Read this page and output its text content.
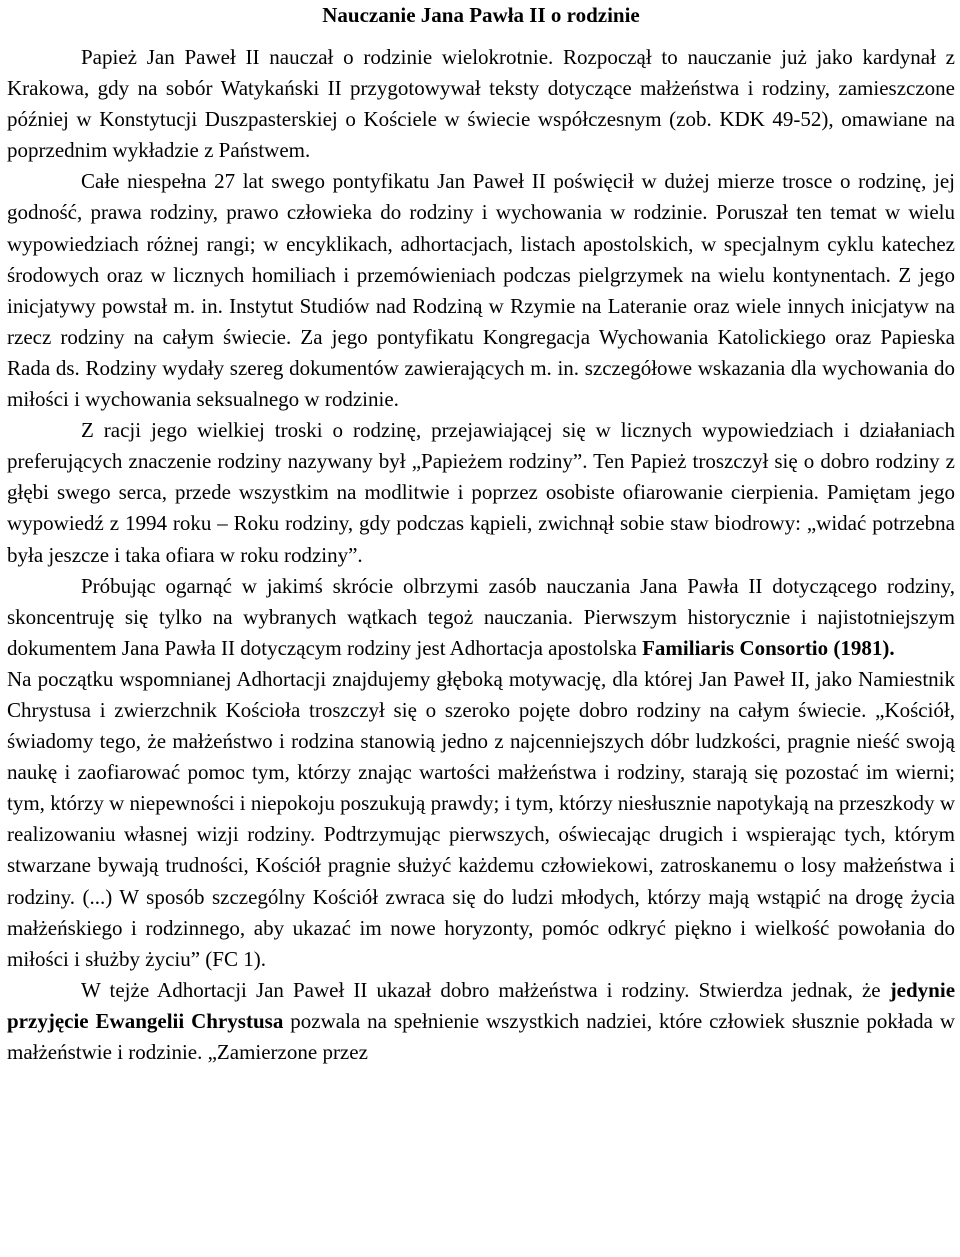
Nauczanie Jana Pawła II o rodzinie

Papież Jan Paweł II nauczał o rodzinie wielokrotnie. Rozpoczął to nauczanie już jako kardynał z Krakowa, gdy na sobór Watykański II przygotowywał teksty dotyczące małżeństwa i rodziny, zamieszczone później w Konstytucji Duszpasterskiej o Kościele w świecie współczesnym (zob. KDK 49-52), omawiane na poprzednim wykładzie z Państwem.

Całe niespełna 27 lat swego pontyfikatu Jan Paweł II poświęcił w dużej mierze trosce o rodzinę, jej godność, prawa rodziny, prawo człowieka do rodziny i wychowania w rodzinie. Poruszał ten temat w wielu wypowiedziach różnej rangi; w encyklikach, adhortacjach, listach apostolskich, w specjalnym cyklu katechez środowych oraz w licznych homiliach i przemówieniach podczas pielgrzymek na wielu kontynentach. Z jego inicjatywy powstał m. in. Instytut Studiów nad Rodziną w Rzymie na Lateranie oraz wiele innych inicjatyw na rzecz rodziny na całym świecie. Za jego pontyfikatu Kongregacja Wychowania Katolickiego oraz Papieska Rada ds. Rodziny wydały szereg dokumentów zawierających m. in. szczegółowe wskazania dla wychowania do miłości i wychowania seksualnego w rodzinie.

Z racji jego wielkiej troski o rodzinę, przejawiającej się w licznych wypowiedziach i działaniach preferujących znaczenie rodziny nazywany był „Papieżem rodziny”. Ten Papież troszczył się o dobro rodziny z głębi swego serca, przede wszystkim na modlitwie i poprzez osobiste ofiarowanie cierpienia. Pamiętam jego wypowiedź z 1994 roku – Roku rodziny, gdy podczas kąpieli, zwichnął sobie staw biodrowy: „widać potrzebna była jeszcze i taka ofiara w roku rodziny”.

Próbując ogarnąć w jakimś skrócie olbrzymi zasób nauczania Jana Pawła II dotyczącego rodziny, skoncentruję się tylko na wybranych wątkach tegoż nauczania. Pierwszym historycznie i najistotniejszym dokumentem Jana Pawła II dotyczącym rodziny jest Adhortacja apostolska Familiaris Consortio (1981).

Na początku wspomnianej Adhortacji znajdujemy głęboką motywację, dla której Jan Paweł II, jako Namiestnik Chrystusa i zwierzchnik Kościoła troszczył się o szeroko pojęte dobro rodziny na całym świecie. „Kościół, świadomy tego, że małżeństwo i rodzina stanowią jedno z najcenniejszych dóbr ludzkości, pragnie nieść swoją naukę i zaofiarować pomoc tym, którzy znając wartości małżeństwa i rodziny, starają się pozostać im wierni; tym, którzy w niepewności i niepokoju poszukują prawdy; i tym, którzy niesłusznie napotykają na przeszkody w realizowaniu własnej wizji rodziny. Podtrzymując pierwszych, oświecając drugich i wspierając tych, którym stwarzane bywają trudności, Kościół pragnie służyć każdemu człowiekowi, zatroskanemu o losy małżeństwa i rodziny. (...) W sposób szczególny Kościół zwraca się do ludzi młodych, którzy mają wstąpić na drogę życia małżeńskiego i rodzinnego, aby ukazać im nowe horyzonty, pomóc odkryć piękno i wielkość powołania do miłości i służby życiu” (FC 1).

W tejże Adhortacji Jan Paweł II ukazał dobro małżeństwa i rodziny. Stwierdza jednak, że jedynie przyjęcie Ewangelii Chrystusa pozwala na spełnienie wszystkich nadziei, które człowiek słusznie pokłada w małżeństwie i rodzinie. „Zamierzone przez
